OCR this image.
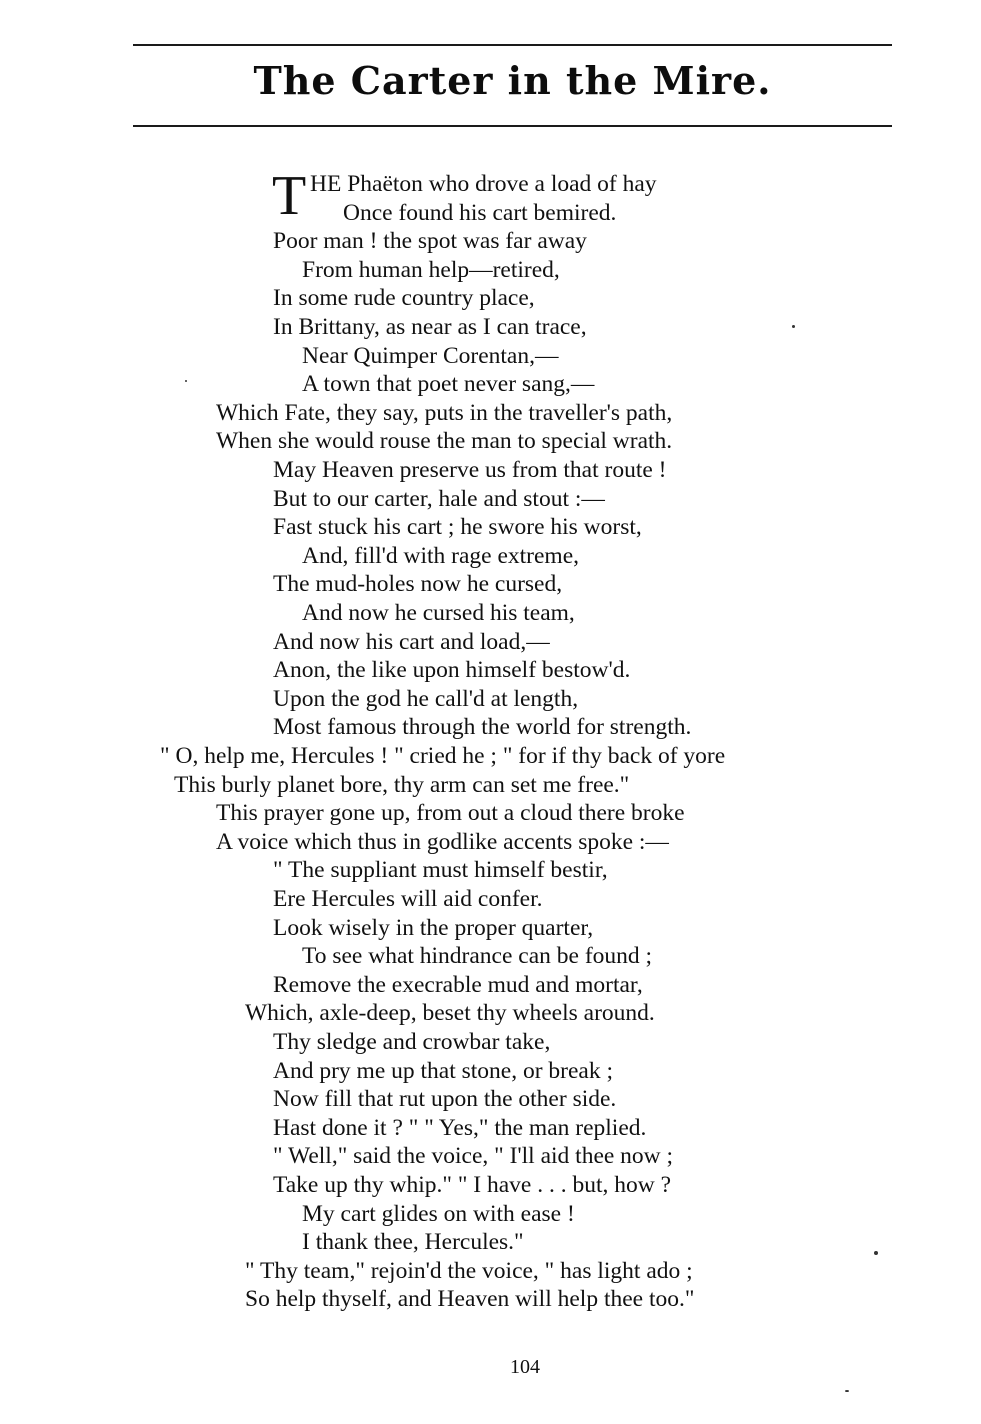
The Carter in the Mire.
T HE Phaëton who drove a load of hay
Once found his cart bemired.
Poor man ! the spot was far away
From human help—retired,
In some rude country place,
In Brittany, as near as I can trace,
Near Quimper Corentan,—
A town that poet never sang,—
Which Fate, they say, puts in the traveller's path,
When she would rouse the man to special wrath.
May Heaven preserve us from that route !
But to our carter, hale and stout :—
Fast stuck his cart ; he swore his worst,
And, fill'd with rage extreme,
The mud-holes now he cursed,
And now he cursed his team,
And now his cart and load,—
Anon, the like upon himself bestow'd.
Upon the god he call'd at length,
Most famous through the world for strength.
" O, help me, Hercules ! " cried he ; " for if thy back of yore
This burly planet bore, thy arm can set me free."
This prayer gone up, from out a cloud there broke
A voice which thus in godlike accents spoke :—
" The suppliant must himself bestir,
Ere Hercules will aid confer.
Look wisely in the proper quarter,
To see what hindrance can be found ;
Remove the execrable mud and mortar,
Which, axle-deep, beset thy wheels around.
Thy sledge and crowbar take,
And pry me up that stone, or break ;
Now fill that rut upon the other side.
Hast done it ? " " Yes," the man replied.
" Well," said the voice, " I'll aid thee now ;
Take up thy whip." " I have . . . but, how ?
My cart glides on with ease !
I thank thee, Hercules."
" Thy team," rejoin'd the voice, " has light ado ;
So help thyself, and Heaven will help thee too."
104
